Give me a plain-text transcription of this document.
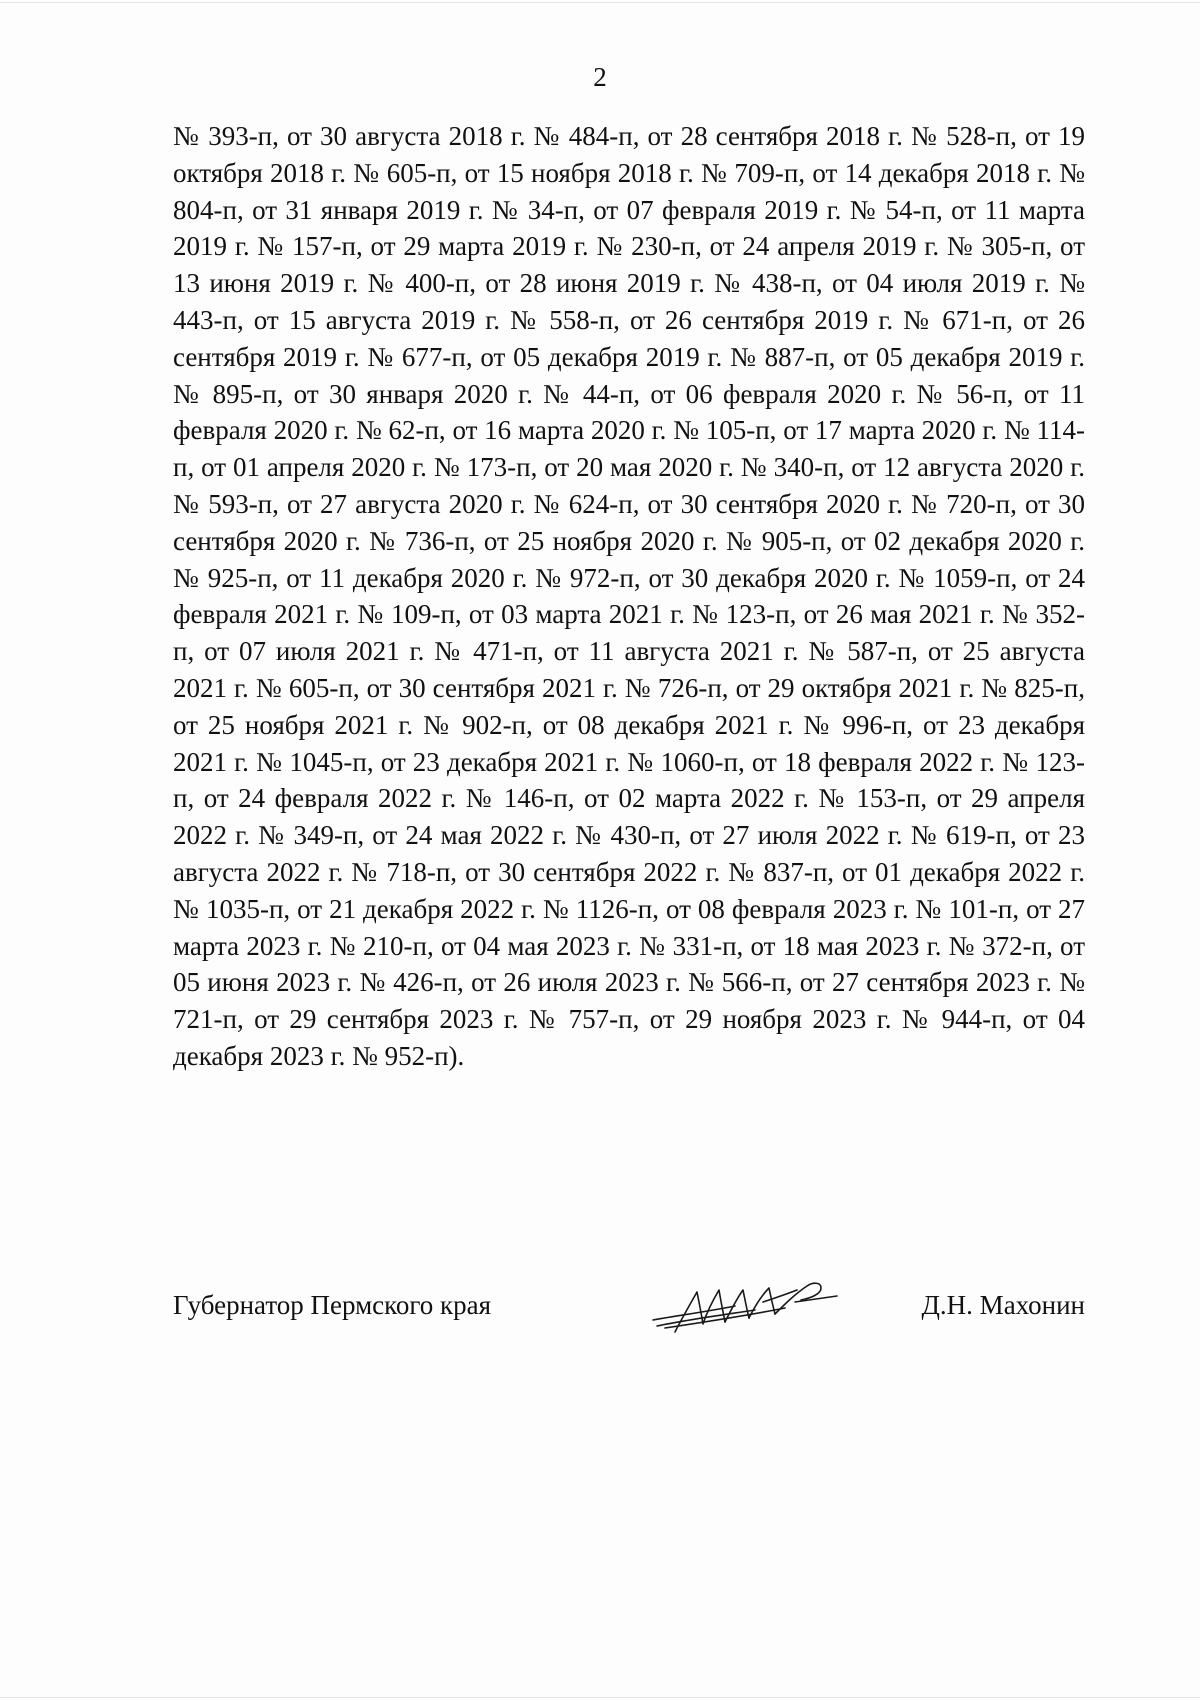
2

№ 393-п, от 30 августа 2018 г. № 484-п, от 28 сентября 2018 г. № 528-п, от 19 октября 2018 г. № 605-п, от 15 ноября 2018 г. № 709-п, от 14 декабря 2018 г. № 804-п, от 31 января 2019 г. № 34-п, от 07 февраля 2019 г. № 54-п, от 11 марта 2019 г. № 157-п, от 29 марта 2019 г. № 230-п, от 24 апреля 2019 г. № 305-п, от 13 июня 2019 г. № 400-п, от 28 июня 2019 г. № 438-п, от 04 июля 2019 г. № 443-п, от 15 августа 2019 г. № 558-п, от 26 сентября 2019 г. № 671-п, от 26 сентября 2019 г. № 677-п, от 05 декабря 2019 г. № 887-п, от 05 декабря 2019 г. № 895-п, от 30 января 2020 г. № 44-п, от 06 февраля 2020 г. № 56-п, от 11 февраля 2020 г. № 62-п, от 16 марта 2020 г. № 105-п, от 17 марта 2020 г. № 114-п, от 01 апреля 2020 г. № 173-п, от 20 мая 2020 г. № 340-п, от 12 августа 2020 г. № 593-п, от 27 августа 2020 г. № 624-п, от 30 сентября 2020 г. № 720-п, от 30 сентября 2020 г. № 736-п, от 25 ноября 2020 г. № 905-п, от 02 декабря 2020 г. № 925-п, от 11 декабря 2020 г. № 972-п, от 30 декабря 2020 г. № 1059-п, от 24 февраля 2021 г. № 109-п, от 03 марта 2021 г. № 123-п, от 26 мая 2021 г. № 352-п, от 07 июля 2021 г. № 471-п, от 11 августа 2021 г. № 587-п, от 25 августа 2021 г. № 605-п, от 30 сентября 2021 г. № 726-п, от 29 октября 2021 г. № 825-п, от 25 ноября 2021 г. № 902-п, от 08 декабря 2021 г. № 996-п, от 23 декабря 2021 г. № 1045-п, от 23 декабря 2021 г. № 1060-п, от 18 февраля 2022 г. № 123-п, от 24 февраля 2022 г. № 146-п, от 02 марта 2022 г. № 153-п, от 29 апреля 2022 г. № 349-п, от 24 мая 2022 г. № 430-п, от 27 июля 2022 г. № 619-п, от 23 августа 2022 г. № 718-п, от 30 сентября 2022 г. № 837-п, от 01 декабря 2022 г. № 1035-п, от 21 декабря 2022 г. № 1126-п, от 08 февраля 2023 г. № 101-п, от 27 марта 2023 г. № 210-п, от 04 мая 2023 г. № 331-п, от 18 мая 2023 г. № 372-п, от 05 июня 2023 г. № 426-п, от 26 июля 2023 г. № 566-п, от 27 сентября 2023 г. № 721-п, от 29 сентября 2023 г. № 757-п, от 29 ноября 2023 г. № 944-п, от 04 декабря 2023 г. № 952-п).

Губернатор Пермского края	Д.Н. Махонин
